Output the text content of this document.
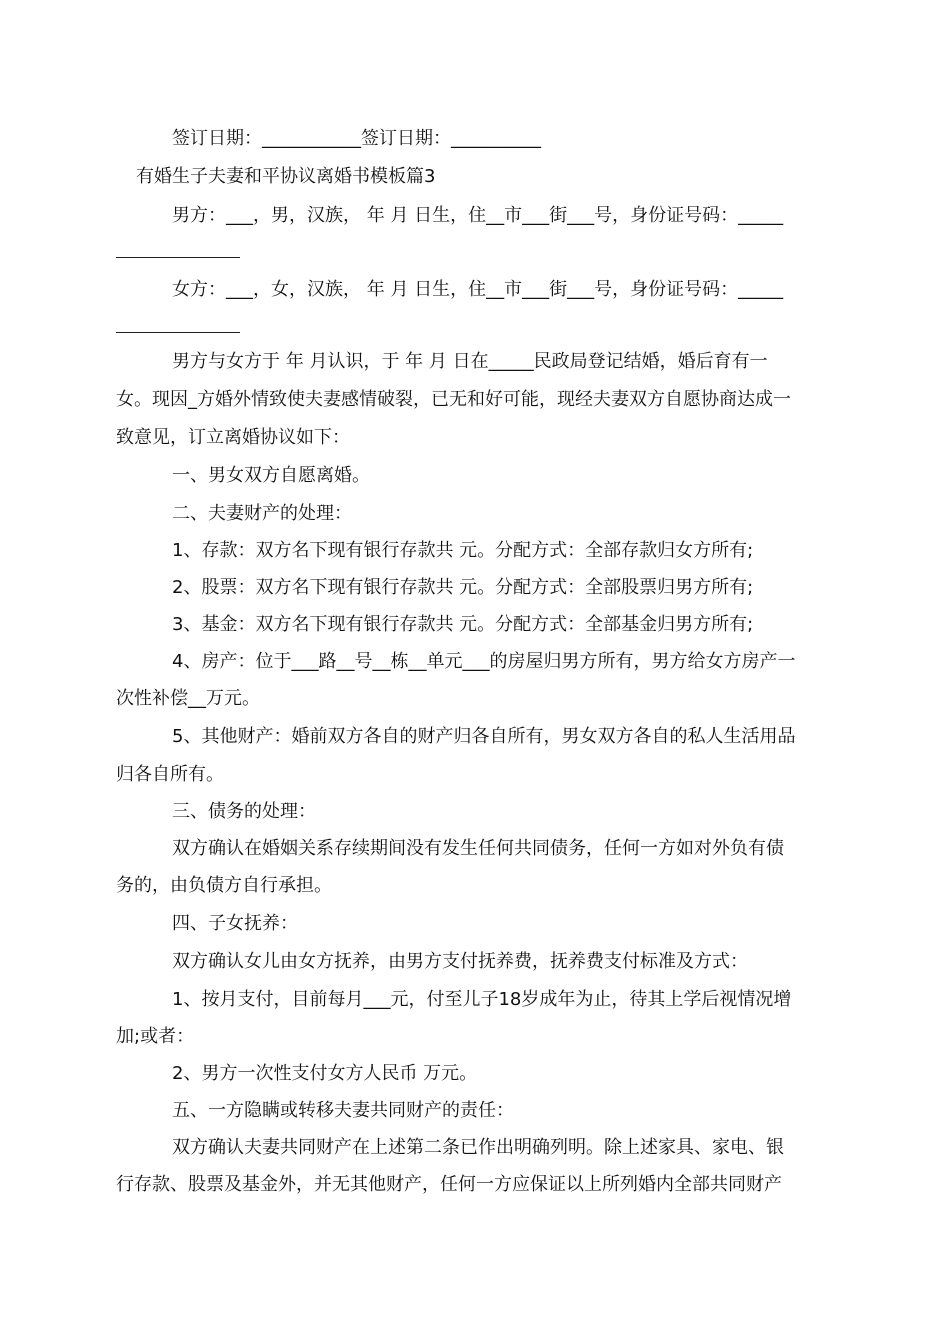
签订日期：___________签订日期：__________
有婚生子夫妻和平协议离婚书模板篇3
男方：___，男，汉族， 年 月 日生，住__市___街___号，身份证号码：_____
女方：___，女，汉族， 年 月 日生，住__市___街___号，身份证号码：_____
男方与女方于 年 月认识，于 年 月 日在_____民政局登记结婚，婚后育有一
女。现因_方婚外情致使夫妻感情破裂，已无和好可能，现经夫妻双方自愿协商达成一
致意见，订立离婚协议如下：
一、男女双方自愿离婚。
二、夫妻财产的处理：
1、存款：双方名下现有银行存款共 元。分配方式：全部存款归女方所有;
2、股票：双方名下现有银行存款共 元。分配方式：全部股票归男方所有;
3、基金：双方名下现有银行存款共 元。分配方式：全部基金归男方所有;
4、房产：位于___路__号__栋__单元___的房屋归男方所有，男方给女方房产一
次性补偿__万元。
5、其他财产：婚前双方各自的财产归各自所有，男女双方各自的私人生活用品
归各自所有。
三、债务的处理：
双方确认在婚姻关系存续期间没有发生任何共同债务，任何一方如对外负有债
务的，由负债方自行承担。
四、子女抚养：
双方确认女儿由女方抚养，由男方支付抚养费，抚养费支付标准及方式：
1、按月支付，目前每月___元，付至儿子18岁成年为止，待其上学后视情况增
加;或者：
2、男方一次性支付女方人民币 万元。
五、一方隐瞒或转移夫妻共同财产的责任：
双方确认夫妻共同财产在上述第二条已作出明确列明。除上述家具、家电、银
行存款、股票及基金外，并无其他财产，任何一方应保证以上所列婚内全部共同财产
